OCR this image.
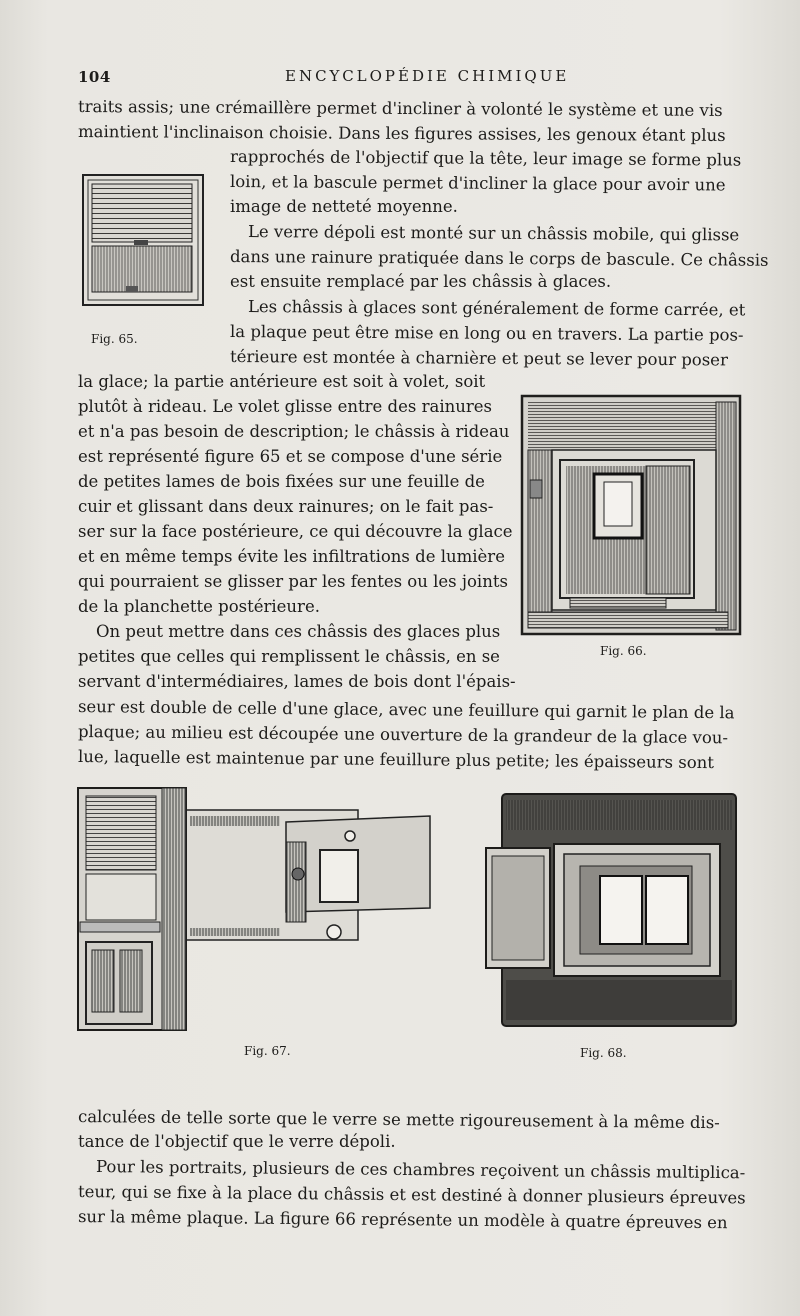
104	ENCYCLOPÉDIE CHIMIQUE
traits assis; une crémaillère permet d'incliner à volonté le système et une vis
maintient l'inclinaison choisie. Dans les figures assises, les genoux étant plus
rapprochés de l'objectif que la tête, leur image se forme plus
loin, et la bascule permet d'incliner la glace pour avoir une
image de netteté moyenne.
Le verre dépoli est monté sur un châssis mobile, qui glisse
dans une rainure pratiquée dans le corps de bascule. Ce châssis
est ensuite remplacé par les châssis à glaces.
Les châssis à glaces sont généralement de forme carrée, et
la plaque peut être mise en long ou en travers. La partie pos-
térieure est montée à charnière et peut se lever pour poser
la glace; la partie antérieure est soit à volet, soit
plutôt à rideau. Le volet glisse entre des rainures
et n'a pas besoin de description; le châssis à rideau
est représenté figure 65 et se compose d'une série
de petites lames de bois fixées sur une feuille de
cuir et glissant dans deux rainures; on le fait pas-
ser sur la face postérieure, ce qui découvre la glace
et en même temps évite les infiltrations de lumière
qui pourraient se glisser par les fentes ou les joints
de la planchette postérieure.
On peut mettre dans ces châssis des glaces plus
petites que celles qui remplissent le châssis, en se
servant d'intermédiaires, lames de bois dont l'épais-
seur est double de celle d'une glace, avec une feuillure qui garnit le plan de la
plaque; au milieu est découpée une ouverture de la grandeur de la glace vou-
lue, laquelle est maintenue par une feuillure plus petite; les épaisseurs sont
calculées de telle sorte que le verre se mette rigoureusement à la même dis-
tance de l'objectif que le verre dépoli.
Pour les portraits, plusieurs de ces chambres reçoivent un châssis multiplica-
teur, qui se fixe à la place du châssis et est destiné à donner plusieurs épreuves
sur la même plaque. La figure 66 représente un modèle à quatre épreuves en
Fig. 65.
Fig. 66.
Fig. 67.	Fig. 68.
